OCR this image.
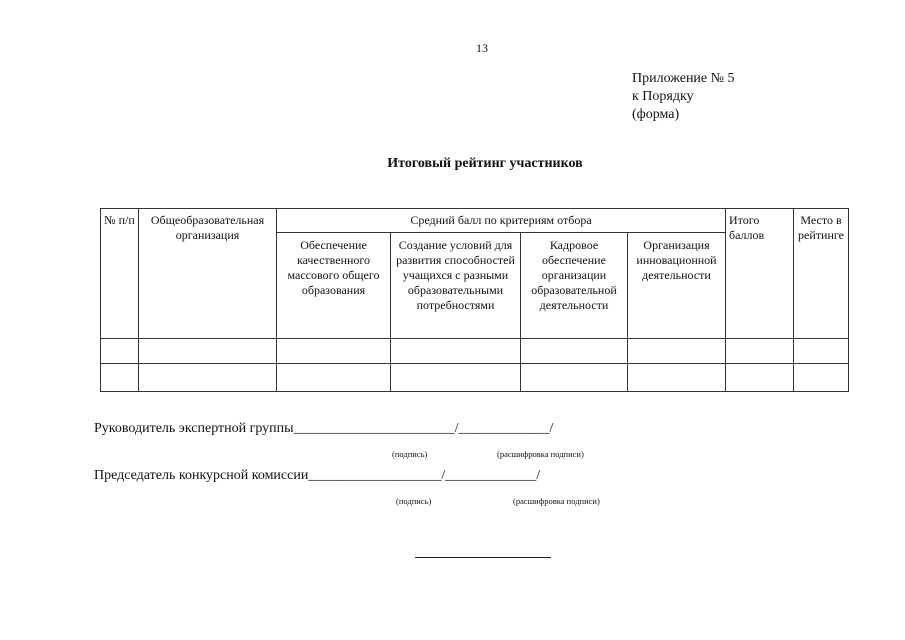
13
Приложение № 5
к Порядку
(форма)
Итоговый рейтинг участников
№ п/п	Общеобразовательная организация	Средний балл по критериям отбора				Итого баллов	Место в рейтинге
		Обеспечение качественного массового общего образования	Создание условий для развития способностей учащихся с разными образовательными потребностями	Кадровое обеспечение организации образовательной деятельности	Организация инновационной деятельности		

Руководитель экспертной группы_______________________/_____________/
(подпись)	(расшифровка подписи)
Председатель конкурсной комиссии___________________/_____________/
(подпись)	(расшифровка подписи)
